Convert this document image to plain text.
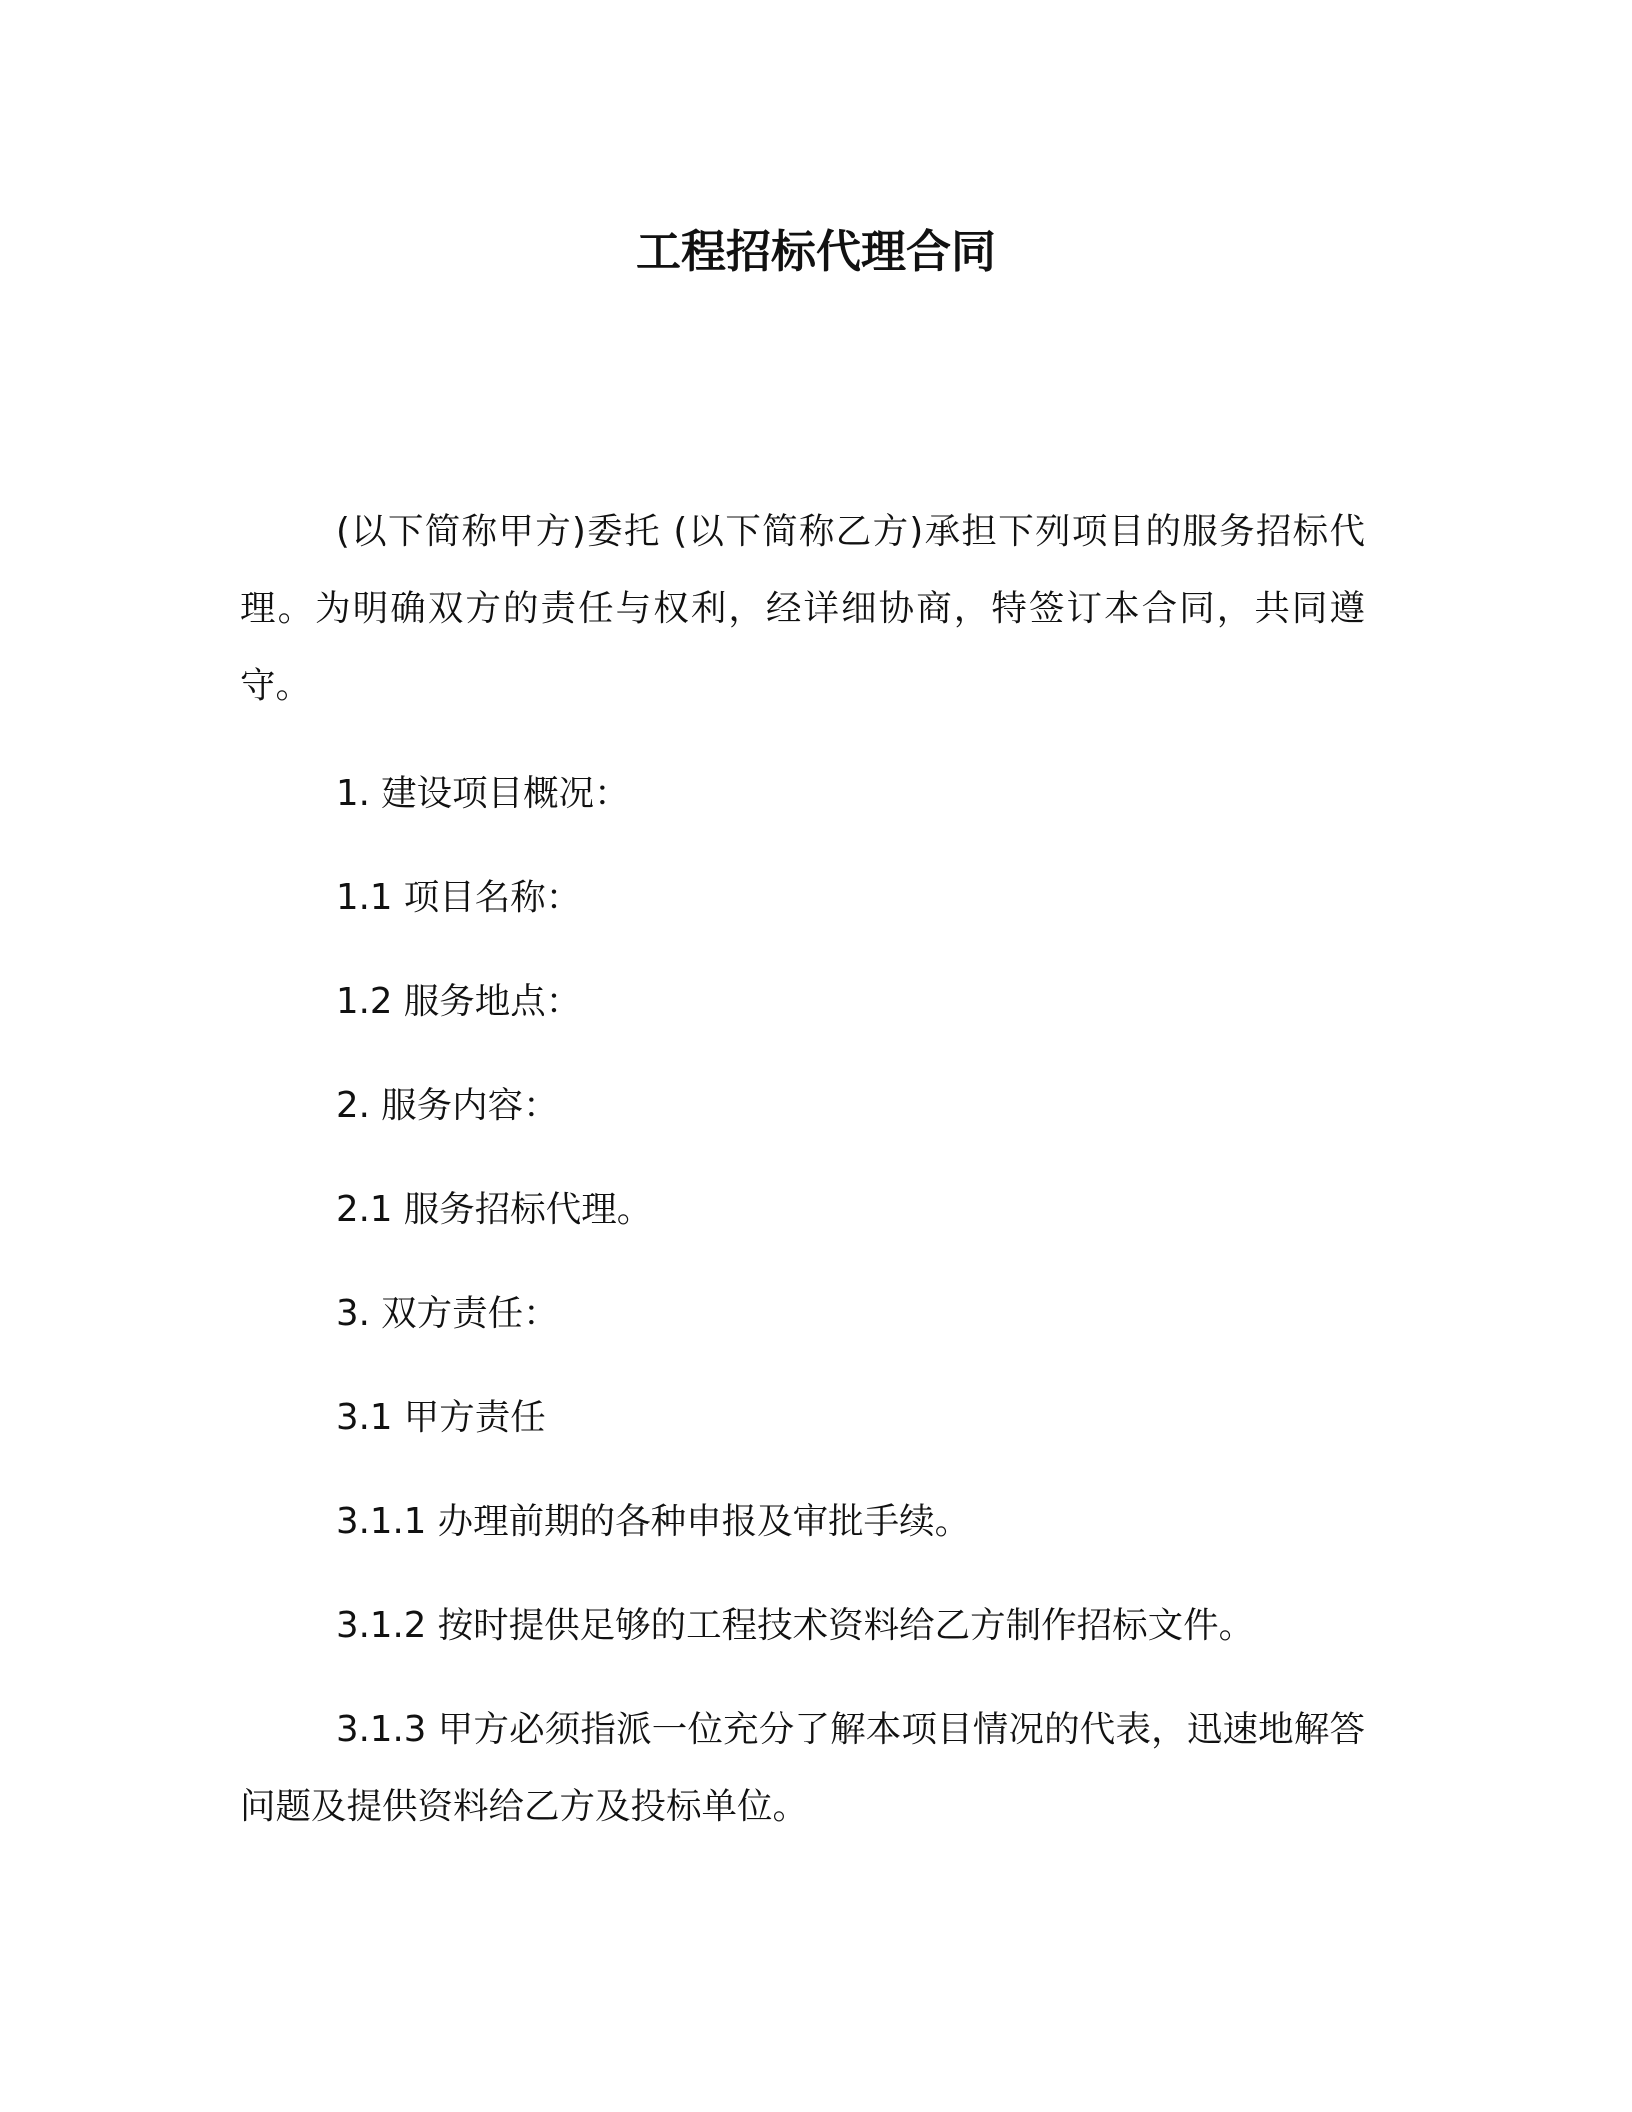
工程招标代理合同

(以下简称甲方)委托 (以下简称乙方)承担下列项目的服务招标代理。为明确双方的责任与权利，经详细协商，特签订本合同，共同遵守。

1. 建设项目概况：

1.1 项目名称：

1.2 服务地点：

2. 服务内容：

2.1 服务招标代理。

3. 双方责任：

3.1 甲方责任

3.1.1 办理前期的各种申报及审批手续。

3.1.2 按时提供足够的工程技术资料给乙方制作招标文件。

3.1.3 甲方必须指派一位充分了解本项目情况的代表，迅速地解答问题及提供资料给乙方及投标单位。
